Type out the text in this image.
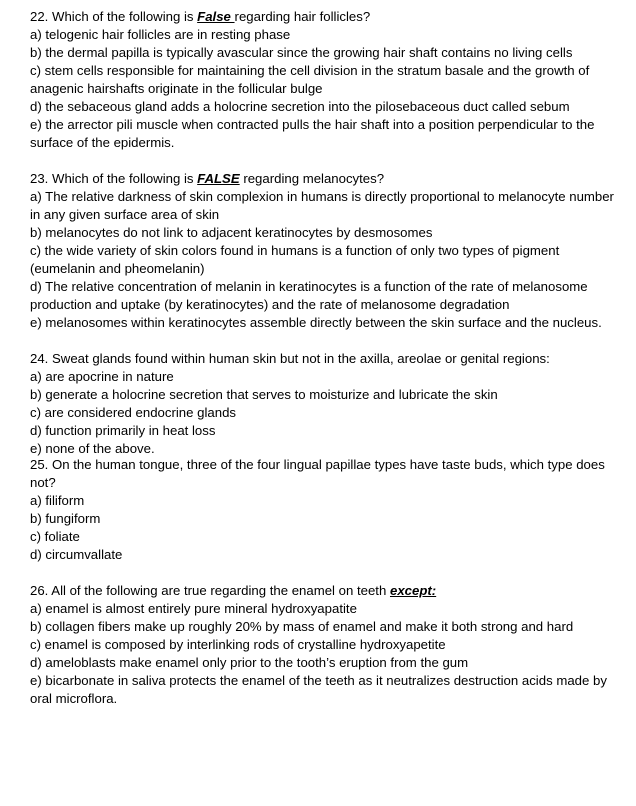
22. Which of the following is False regarding hair follicles?
a) telogenic hair follicles are in resting phase
b) the dermal papilla is typically avascular since the growing hair shaft contains no living cells
c) stem cells responsible for maintaining the cell division in the stratum basale and the growth of anagenic hairshafts originate in the follicular bulge
d) the sebaceous gland adds a holocrine secretion into the pilosebaceous duct called sebum
e) the arrector pili muscle when contracted pulls the hair shaft into a position perpendicular to the surface of the epidermis.
23. Which of the following is FALSE regarding melanocytes?
a) The relative darkness of skin complexion in humans is directly proportional to melanocyte number in any given surface area of skin
b) melanocytes do not link to adjacent keratinocytes by desmosomes
c) the wide variety of skin colors found in humans is a function of only two types of pigment (eumelanin and pheomelanin)
d) The relative concentration of melanin in keratinocytes is a function of the rate of melanosome production and uptake (by keratinocytes) and the rate of melanosome degradation
e) melanosomes within keratinocytes assemble directly between the skin surface and the nucleus.
24. Sweat glands found within human skin but not in the axilla, areolae or genital regions:
a) are apocrine in nature
b) generate a holocrine secretion that serves to moisturize and lubricate the skin
c) are considered endocrine glands
d) function primarily in heat loss
e) none of the above.
25. On the human tongue, three of the four lingual papillae types have taste buds, which type does not?
a) filiform
b) fungiform
c) foliate
d) circumvallate
26. All of the following are true regarding the enamel on teeth except:
a) enamel is almost entirely pure mineral hydroxyapatite
b) collagen fibers make up roughly 20% by mass of enamel and make it both strong and hard
c) enamel is composed by interlinking rods of crystalline hydroxyapetite
d) ameloblasts make enamel only prior to the tooth’s eruption from the gum
e) bicarbonate in saliva protects the enamel of the teeth as it neutralizes destruction acids made by oral microflora.
